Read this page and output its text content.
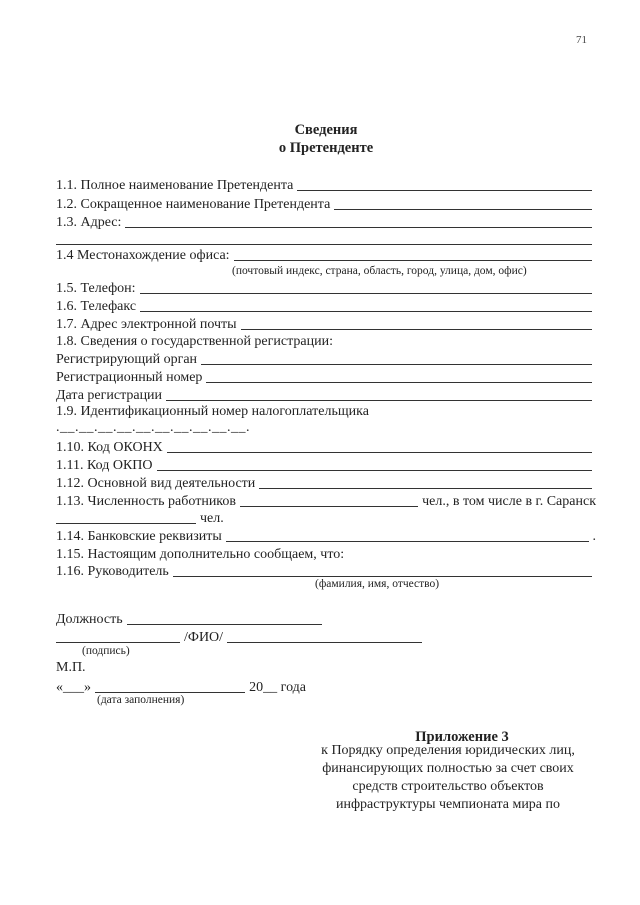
71
Сведения
о Претенденте
1.1. Полное наименование Претендента
1.2. Сокращенное наименование Претендента
1.3. Адрес:
1.4 Местонахождение офиса:
(почтовый индекс, страна, область, город, улица, дом, офис)
1.5. Телефон:
1.6. Телефакс
1.7. Адрес электронной почты
1.8. Сведения о государственной регистрации:
Регистрирующий орган
Регистрационный номер
Дата регистрации
1.9. Идентификационный номер налогоплательщика
.__.__.__.__.__.__.__.__.__.__.
1.10. Код ОКОНХ
1.11. Код ОКПО
1.12. Основной вид деятельности
1.13. Численность работников	чел., в том числе в г. Саранск
чел.
1.14. Банковские реквизиты	.
1.15. Настоящим дополнительно сообщаем, что:
1.16. Руководитель
(фамилия, имя, отчество)
Должность
/ФИО/
(подпись)
М.П.
«___»	20__ года
(дата заполнения)
Приложение 3
к Порядку определения юридических лиц,
финансирующих полностью за счет своих
средств строительство объектов
инфраструктуры чемпионата мира по
